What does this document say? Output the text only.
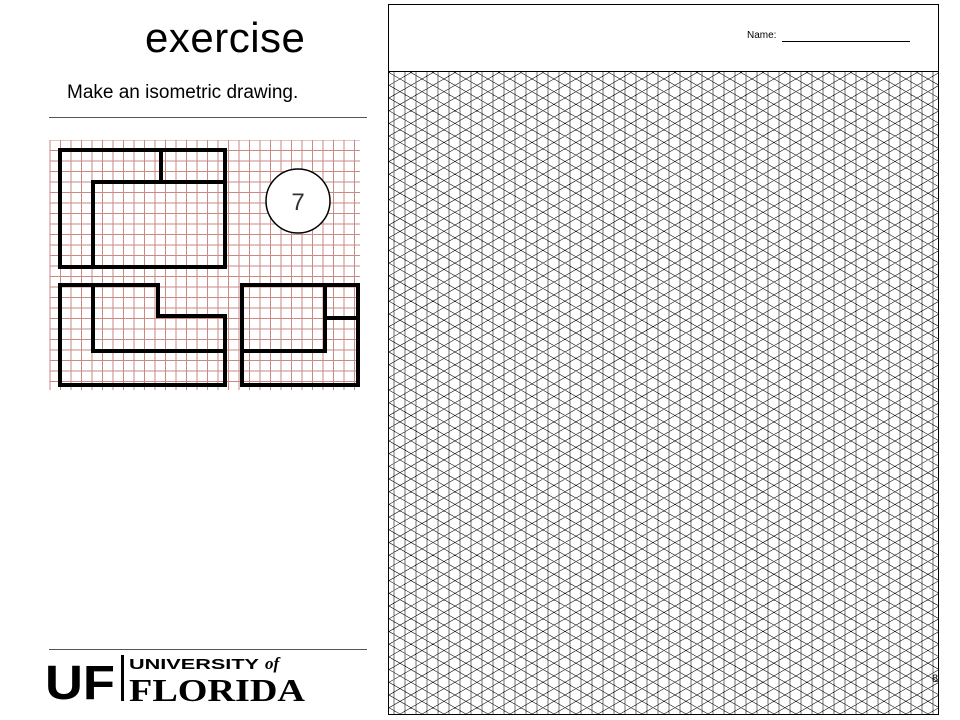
exercise
Make an isometric drawing.
7
UF UNIVERSITY of
FLORIDA
Name:
8
